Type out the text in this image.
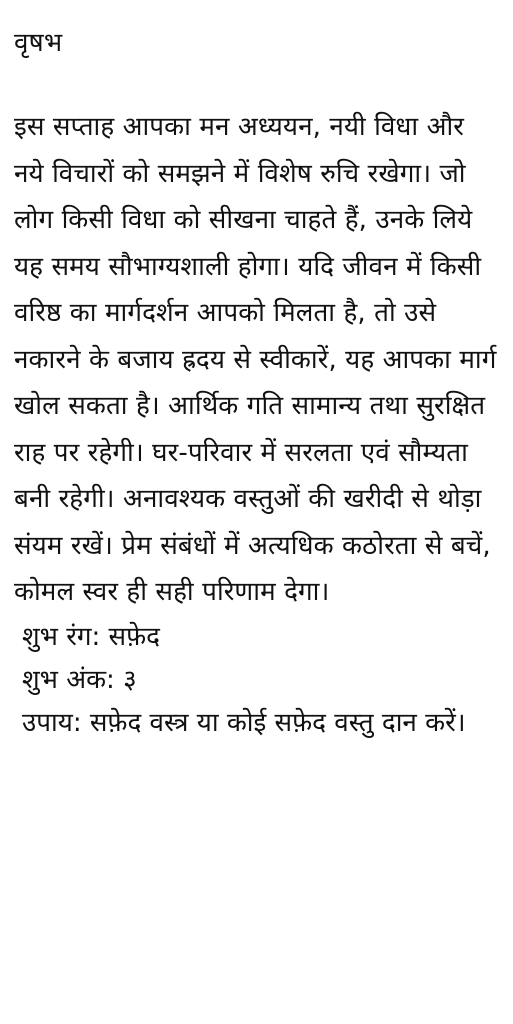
वृषभ

इस सप्ताह आपका मन अध्ययन, नयी विधा और नये विचारों को समझने में विशेष रुचि रखेगा। जो लोग किसी विधा को सीखना चाहते हैं, उनके लिये यह समय सौभाग्यशाली होगा। यदि जीवन में किसी वरिष्ठ का मार्गदर्शन आपको मिलता है, तो उसे नकारने के बजाय ह्रदय से स्वीकारें, यह आपका मार्ग खोल सकता है। आर्थिक गति सामान्य तथा सुरक्षित राह पर रहेगी। घर-परिवार में सरलता एवं सौम्यता बनी रहेगी। अनावश्यक वस्तुओं की खरीदी से थोड़ा संयम रखें। प्रेम संबंधों में अत्यधिक कठोरता से बचें, कोमल स्वर ही सही परिणाम देगा।

शुभ रंग: सफ़ेद

शुभ अंक: ३

उपाय: सफ़ेद वस्त्र या कोई सफ़ेद वस्तु दान करें।
